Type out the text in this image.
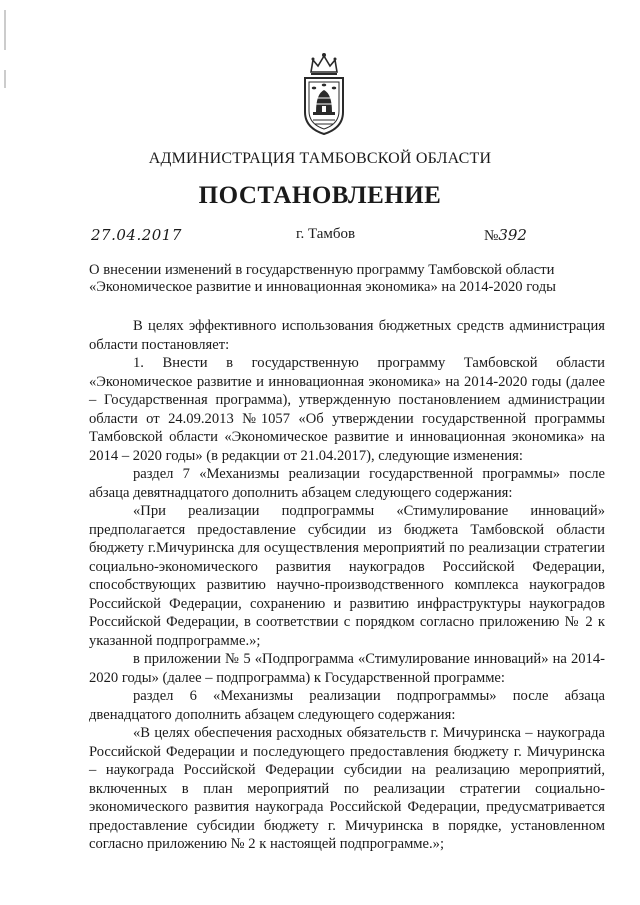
АДМИНИСТРАЦИЯ ТАМБОВСКОЙ ОБЛАСТИ
ПОСТАНОВЛЕНИЕ
27.04.2017	г. Тамбов	№392
О внесении изменений в государственную программу Тамбовской области «Экономическое развитие и инновационная экономика» на 2014-2020 годы

В целях эффективного использования бюджетных средств администрация области постановляет:

1. Внести в государственную программу Тамбовской области «Экономическое развитие и инновационная экономика» на 2014-2020 годы (далее – Государственная программа), утвержденную постановлением администрации области от 24.09.2013 №1057 «Об утверждении государственной программы Тамбовской области «Экономическое развитие и инновационная экономика» на 2014 – 2020 годы» (в редакции от 21.04.2017), следующие изменения:

раздел 7 «Механизмы реализации государственной программы» после абзаца девятнадцатого дополнить абзацем следующего содержания:

«При реализации подпрограммы «Стимулирование инноваций» предполагается предоставление субсидии из бюджета Тамбовской области бюджету г.Мичуринска для осуществления мероприятий по реализации стратегии социально-экономического развития наукоградов Российской Федерации, способствующих развитию научно-производственного комплекса наукоградов Российской Федерации, сохранению и развитию инфраструктуры наукоградов Российской Федерации, в соответствии с порядком согласно приложению № 2 к указанной подпрограмме.»;

в приложении № 5 «Подпрограмма «Стимулирование инноваций» на 2014-2020 годы» (далее – подпрограмма) к Государственной программе:

раздел 6 «Механизмы реализации подпрограммы» после абзаца двенадцатого дополнить абзацем следующего содержания:

«В целях обеспечения расходных обязательств г. Мичуринска – наукограда Российской Федерации и последующего предоставления бюджету г. Мичуринска – наукограда Российской Федерации субсидии на реализацию мероприятий, включенных в план мероприятий по реализации стратегии социально-экономического развития наукограда Российской Федерации, предусматривается предоставление субсидии бюджету г. Мичуринска в порядке, установленном согласно приложению № 2 к настоящей подпрограмме.»;
